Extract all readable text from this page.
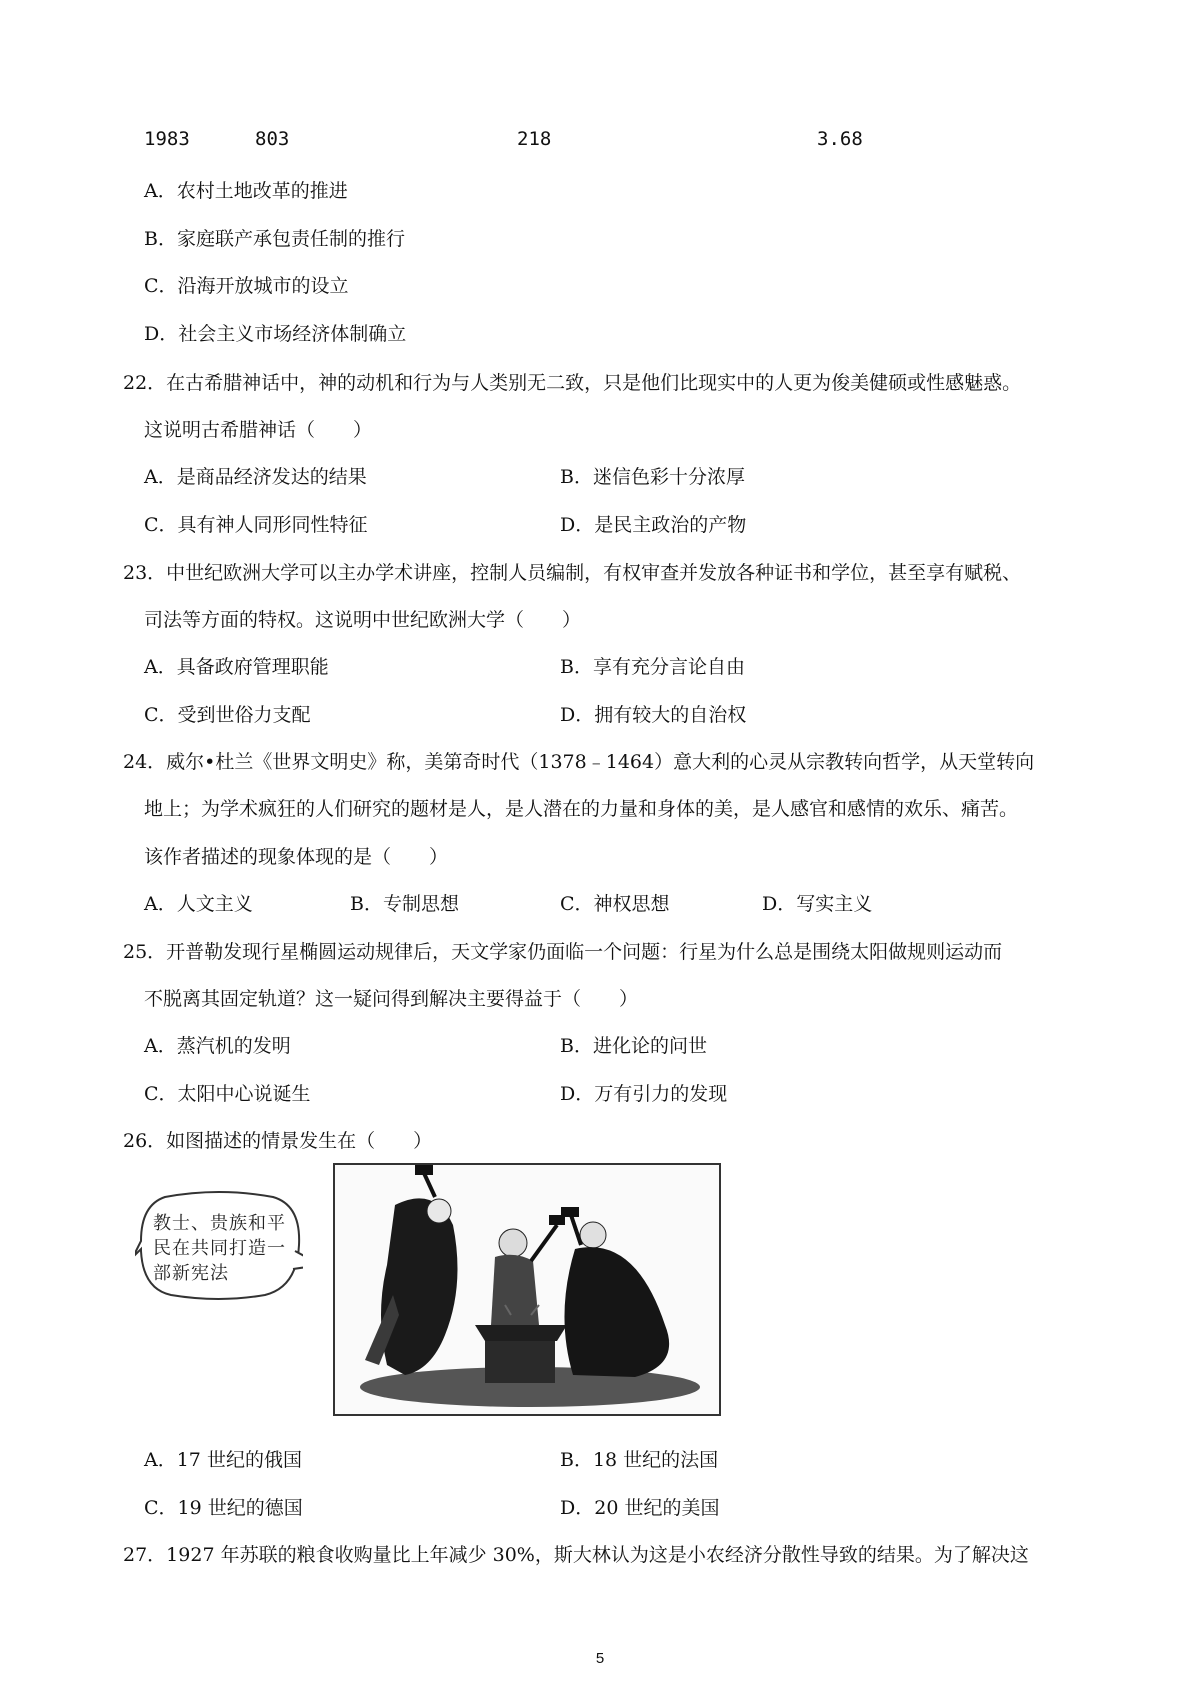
1983	803	218	3.68
A．农村土地改革的推进
B．家庭联产承包责任制的推行
C．沿海开放城市的设立
D．社会主义市场经济体制确立
22．在古希腊神话中，神的动机和行为与人类别无二致，只是他们比现实中的人更为俊美健硕或性感魅惑。
这说明古希腊神话（　　）
A．是商品经济发达的结果	B．迷信色彩十分浓厚
C．具有神人同形同性特征	D．是民主政治的产物
23．中世纪欧洲大学可以主办学术讲座，控制人员编制，有权审查并发放各种证书和学位，甚至享有赋税、
司法等方面的特权。这说明中世纪欧洲大学（　　）
A．具备政府管理职能	B．享有充分言论自由
C．受到世俗力支配	D．拥有较大的自治权
24．威尔•杜兰《世界文明史》称，美第奇时代（1378﹣1464）意大利的心灵从宗教转向哲学，从天堂转向
地上；为学术疯狂的人们研究的题材是人，是人潜在的力量和身体的美，是人感官和感情的欢乐、痛苦。
该作者描述的现象体现的是（　　）
A．人文主义	B．专制思想	C．神权思想	D．写实主义
25．开普勒发现行星椭圆运动规律后，天文学家仍面临一个问题：行星为什么总是围绕太阳做规则运动而
不脱离其固定轨道？这一疑问得到解决主要得益于（　　）
A．蒸汽机的发明	B．进化论的问世
C．太阳中心说诞生	D．万有引力的发现
26．如图描述的情景发生在（　　）
教士、贵族和平民在共同打造一部新宪法
A．17 世纪的俄国	B．18 世纪的法国
C．19 世纪的德国	D．20 世纪的美国
27．1927 年苏联的粮食收购量比上年减少 30%，斯大林认为这是小农经济分散性导致的结果。为了解决这
5
